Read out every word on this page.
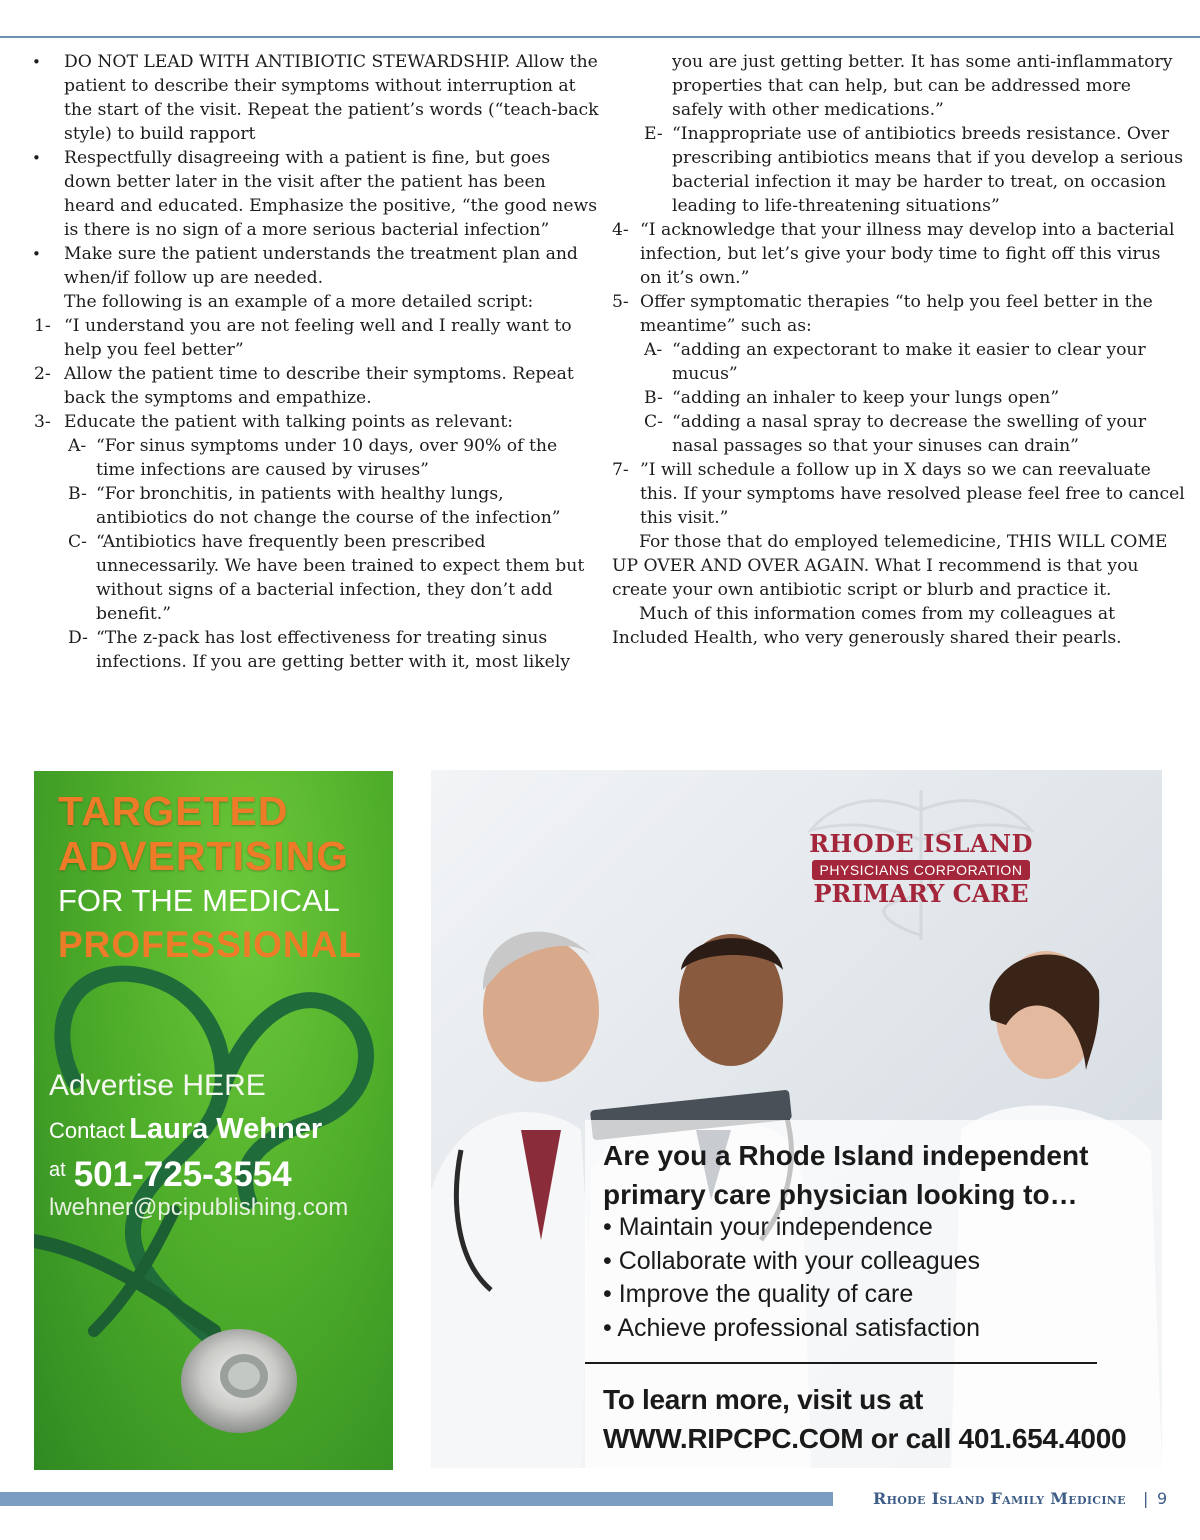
• DO NOT LEAD WITH ANTIBIOTIC STEWARDSHIP. Allow the patient to describe their symptoms without interruption at the start of the visit. Repeat the patient’s words (“teach-back style) to build rapport
• Respectfully disagreeing with a patient is fine, but goes down better later in the visit after the patient has been heard and educated. Emphasize the positive, “the good news is there is no sign of a more serious bacterial infection”
• Make sure the patient understands the treatment plan and when/if follow up are needed.
The following is an example of a more detailed script:
1- “I understand you are not feeling well and I really want to help you feel better”
2- Allow the patient time to describe their symptoms. Repeat back the symptoms and empathize.
3- Educate the patient with talking points as relevant:
A- “For sinus symptoms under 10 days, over 90% of the time infections are caused by viruses”
B- “For bronchitis, in patients with healthy lungs, antibiotics do not change the course of the infection”
C- “Antibiotics have frequently been prescribed unnecessarily. We have been trained to expect them but without signs of a bacterial infection, they don’t add benefit.”
D- “The z-pack has lost effectiveness for treating sinus infections. If you are getting better with it, most likely
you are just getting better. It has some anti-inflammatory properties that can help, but can be addressed more safely with other medications.”
E- “Inappropriate use of antibiotics breeds resistance. Over prescribing antibiotics means that if you develop a serious bacterial infection it may be harder to treat, on occasion leading to life-threatening situations”
4- “I acknowledge that your illness may develop into a bacterial infection, but let’s give your body time to fight off this virus on it’s own.”
5- Offer symptomatic therapies “to help you feel better in the meantime” such as:
A- “adding an expectorant to make it easier to clear your mucus”
B- “adding an inhaler to keep your lungs open”
C- “adding a nasal spray to decrease the swelling of your nasal passages so that your sinuses can drain”
7- ”I will schedule a follow up in X days so we can reevaluate this. If your symptoms have resolved please feel free to cancel this visit.”
For those that do employed telemedicine, THIS WILL COME UP OVER AND OVER AGAIN. What I recommend is that you create your own antibiotic script or blurb and practice it.
Much of this information comes from my colleagues at Included Health, who very generously shared their pearls.
TARGETED
ADVERTISING
FOR THE MEDICAL
PROFESSIONAL
Advertise HERE
Contact Laura Wehner
at 501-725-3554
lwehner@pcipublishing.com
RHODE ISLAND
PHYSICIANS CORPORATION
PRIMARY CARE
Are you a Rhode Island independent primary care physician looking to…
• Maintain your independence
• Collaborate with your colleagues
• Improve the quality of care
• Achieve professional satisfaction
To learn more, visit us at
WWW.RIPCPC.COM or call 401.654.4000
Rhode Island Family Medicine | 9
